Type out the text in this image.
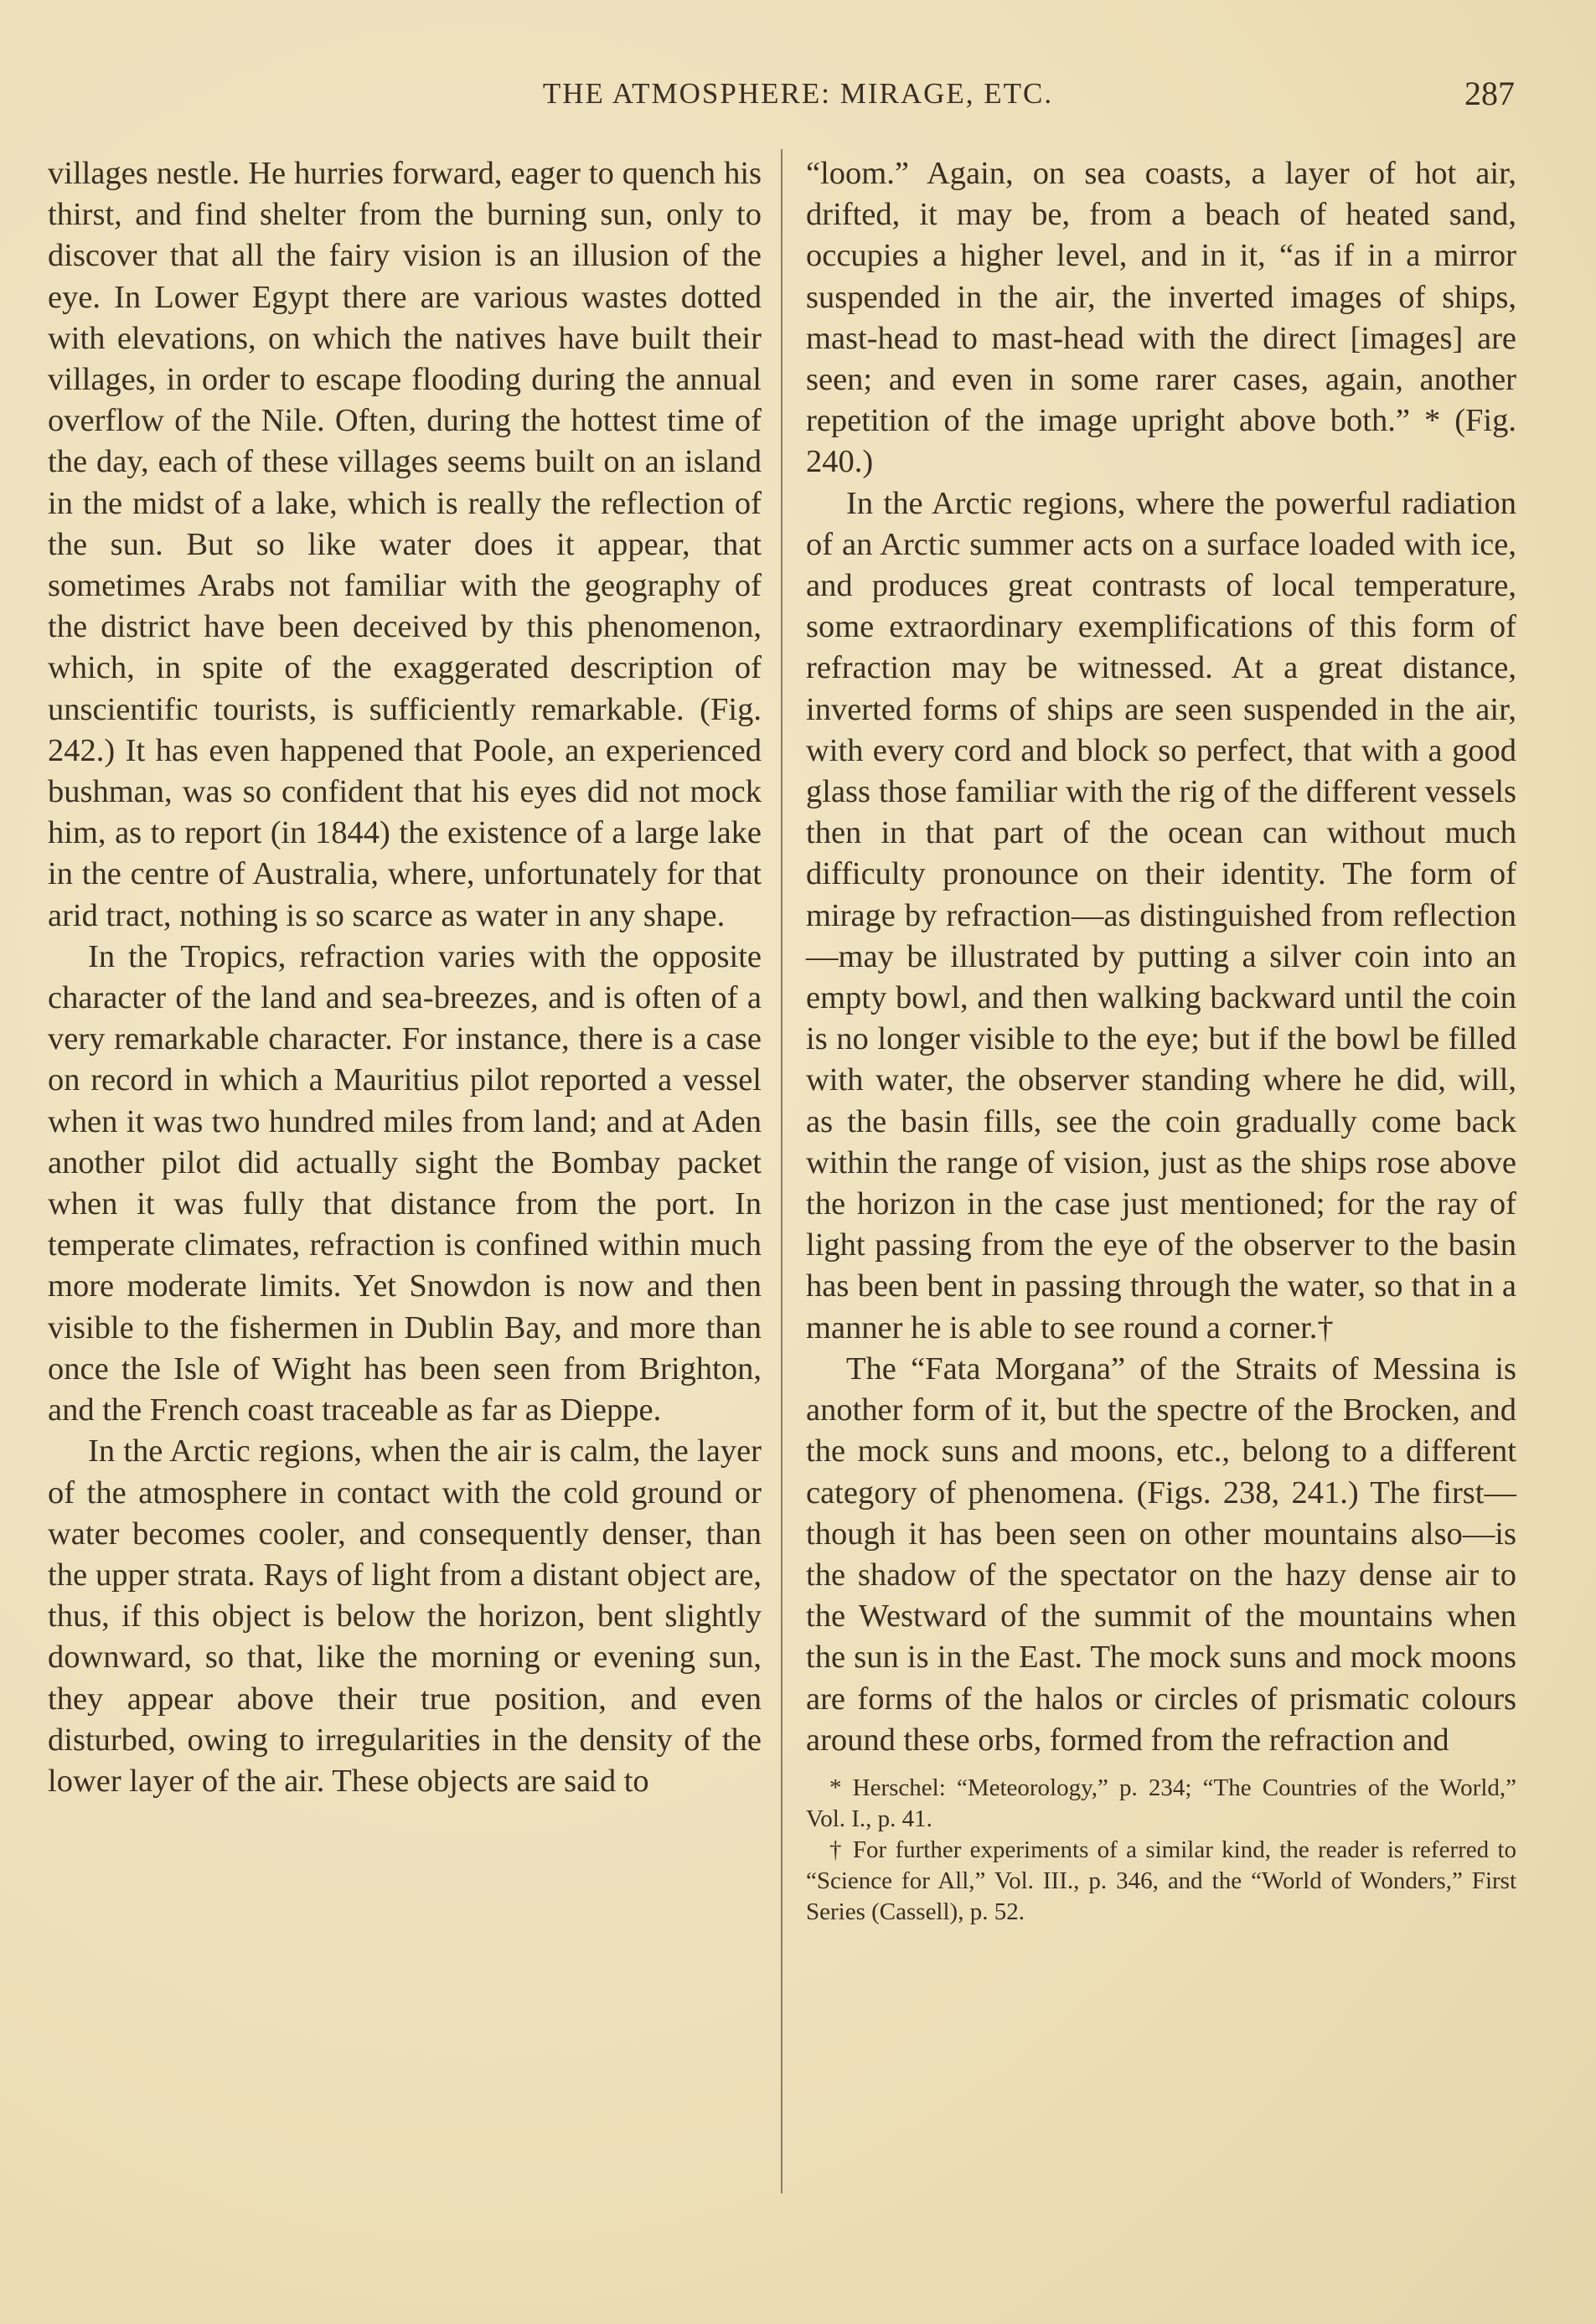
THE ATMOSPHERE: MIRAGE, ETC.	287

villages nestle. He hurries forward, eager to quench his thirst, and find shelter from the burning sun, only to discover that all the fairy vision is an illusion of the eye. In Lower Egypt there are various wastes dotted with elevations, on which the natives have built their villages, in order to escape flooding during the annual overflow of the Nile. Often, during the hottest time of the day, each of these villages seems built on an island in the midst of a lake, which is really the reflection of the sun. But so like water does it appear, that sometimes Arabs not familiar with the geography of the district have been deceived by this phenomenon, which, in spite of the exaggerated description of unscientific tourists, is sufficiently remarkable. (Fig. 242.) It has even happened that Poole, an experienced bushman, was so confident that his eyes did not mock him, as to report (in 1844) the existence of a large lake in the centre of Australia, where, unfortunately for that arid tract, nothing is so scarce as water in any shape.

In the Tropics, refraction varies with the opposite character of the land and sea-breezes, and is often of a very remarkable character. For instance, there is a case on record in which a Mauritius pilot reported a vessel when it was two hundred miles from land; and at Aden another pilot did actually sight the Bombay packet when it was fully that distance from the port. In temperate climates, refraction is confined within much more moderate limits. Yet Snowdon is now and then visible to the fishermen in Dublin Bay, and more than once the Isle of Wight has been seen from Brighton, and the French coast traceable as far as Dieppe.

In the Arctic regions, when the air is calm, the layer of the atmosphere in contact with the cold ground or water becomes cooler, and consequently denser, than the upper strata. Rays of light from a distant object are, thus, if this object is below the horizon, bent slightly downward, so that, like the morning or evening sun, they appear above their true position, and even disturbed, owing to irregularities in the density of the lower layer of the air. These objects are said to

“loom.” Again, on sea coasts, a layer of hot air, drifted, it may be, from a beach of heated sand, occupies a higher level, and in it, “as if in a mirror suspended in the air, the inverted images of ships, mast-head to mast-head with the direct [images] are seen; and even in some rarer cases, again, another repetition of the image upright above both.” * (Fig. 240.)

In the Arctic regions, where the powerful radiation of an Arctic summer acts on a surface loaded with ice, and produces great contrasts of local temperature, some extraordinary exemplifications of this form of refraction may be witnessed. At a great distance, inverted forms of ships are seen suspended in the air, with every cord and block so perfect, that with a good glass those familiar with the rig of the different vessels then in that part of the ocean can without much difficulty pronounce on their identity. The form of mirage by refraction—as distinguished from reflection—may be illustrated by putting a silver coin into an empty bowl, and then walking backward until the coin is no longer visible to the eye; but if the bowl be filled with water, the observer standing where he did, will, as the basin fills, see the coin gradually come back within the range of vision, just as the ships rose above the horizon in the case just mentioned; for the ray of light passing from the eye of the observer to the basin has been bent in passing through the water, so that in a manner he is able to see round a corner.†

The “Fata Morgana” of the Straits of Messina is another form of it, but the spectre of the Brocken, and the mock suns and moons, etc., belong to a different category of phenomena. (Figs. 238, 241.) The first—though it has been seen on other mountains also—is the shadow of the spectator on the hazy dense air to the Westward of the summit of the mountains when the sun is in the East. The mock suns and mock moons are forms of the halos or circles of prismatic colours around these orbs, formed from the refraction and

* Herschel: “Meteorology,” p. 234; “The Countries of the World,” Vol. I., p. 41.

† For further experiments of a similar kind, the reader is referred to “Science for All,” Vol. III., p. 346, and the “World of Wonders,” First Series (Cassell), p. 52.
